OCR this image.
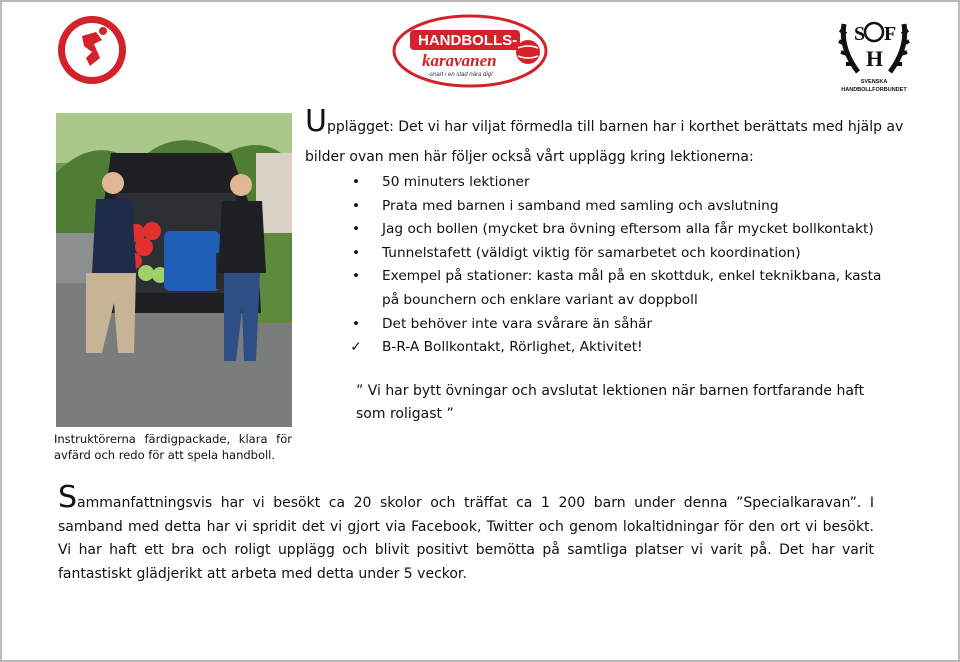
HANDBOLLS-
karavanen
-snart i en stad nära dig!
S F
H
SVENSKA
HANDBOLLFORBUNDET
Instruktörerna färdigpackade, klara för
avfärd och redo för att spela handboll.
Upplägget: Det vi har viljat förmedla till barnen har i korthet berättats med hjälp av bilder ovan men här följer också vårt upplägg kring lektionerna:
• 50 minuters lektioner
• Prata med barnen i samband med samling och avslutning
• Jag och bollen (mycket bra övning eftersom alla får mycket bollkontakt)
• Tunnelstafett (väldigt viktig för samarbetet och koordination)
• Exempel på stationer: kasta mål på en skottduk, enkel teknikbana, kasta på bounchern och enklare variant av doppboll
• Det behöver inte vara svårare än såhär
✓ B-R-A Bollkontakt, Rörlighet, Aktivitet!
” Vi har bytt övningar och avslutat lektionen när barnen fortfarande haft som roligast ”
Sammanfattningsvis har vi besökt ca 20 skolor och träffat ca 1 200 barn under denna ”Specialkaravan”. I samband med detta har vi spridit det vi gjort via Facebook, Twitter och genom lokaltidningar för den ort vi besökt. Vi har haft ett bra och roligt upplägg och blivit positivt bemötta på samtliga platser vi varit på. Det har varit fantastiskt glädjerikt att arbeta med detta under 5 veckor.
